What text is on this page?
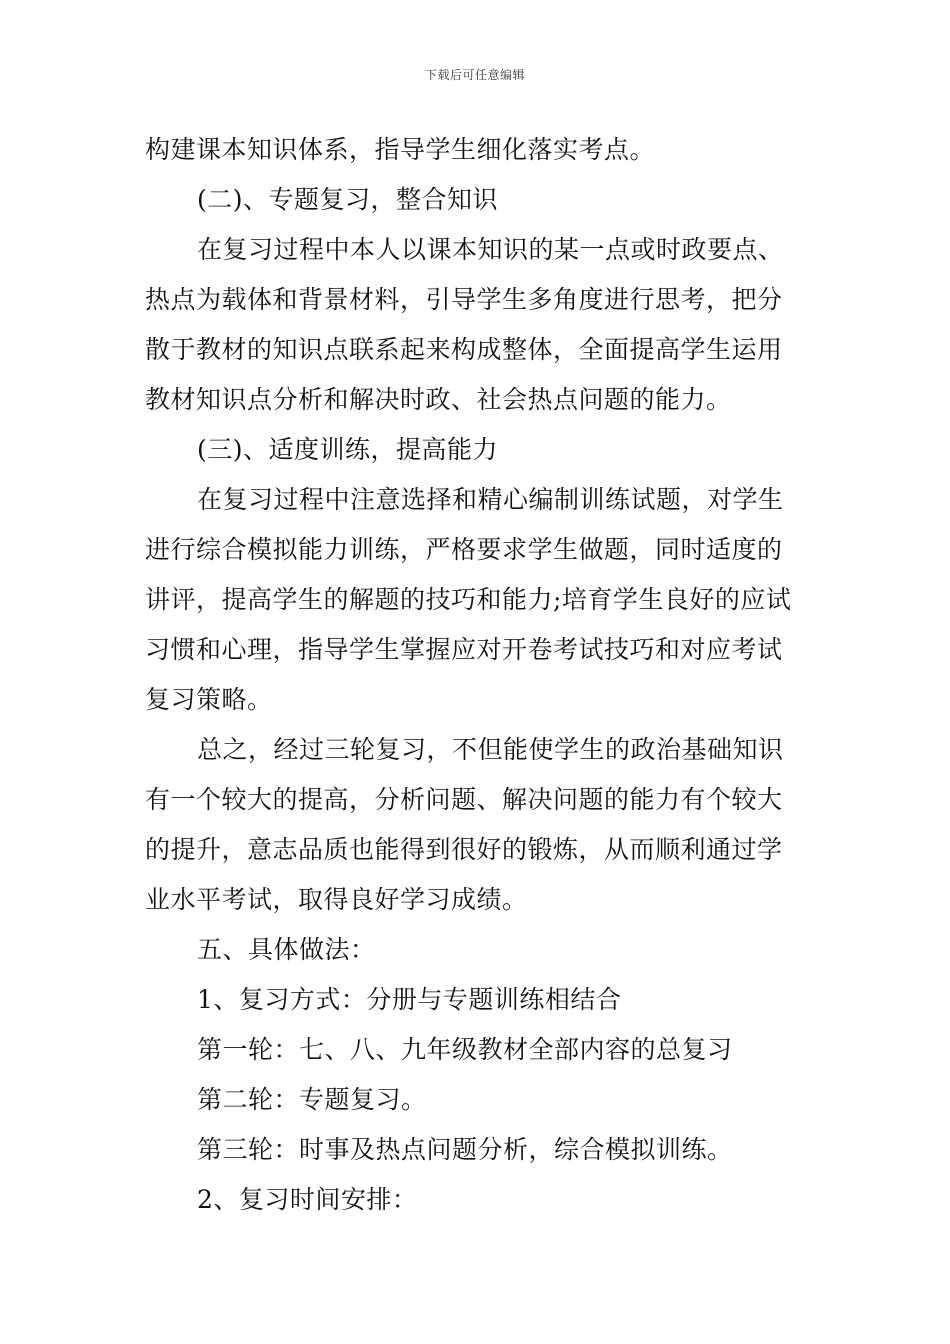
下载后可任意编辑
构建课本知识体系，指导学生细化落实考点。
(二)、专题复习，整合知识
在复习过程中本人以课本知识的某一点或时政要点、
热点为载体和背景材料，引导学生多角度进行思考，把分
散于教材的知识点联系起来构成整体，全面提高学生运用
教材知识点分析和解决时政、社会热点问题的能力。
(三)、适度训练，提高能力
在复习过程中注意选择和精心编制训练试题，对学生
进行综合模拟能力训练，严格要求学生做题，同时适度的
讲评，提高学生的解题的技巧和能力;培育学生良好的应试
习惯和心理，指导学生掌握应对开卷考试技巧和对应考试
复习策略。
总之，经过三轮复习，不但能使学生的政治基础知识
有一个较大的提高，分析问题、解决问题的能力有个较大
的提升，意志品质也能得到很好的锻炼，从而顺利通过学
业水平考试，取得良好学习成绩。
五、具体做法：
1、复习方式：分册与专题训练相结合
第一轮：七、八、九年级教材全部内容的总复习
第二轮：专题复习。
第三轮：时事及热点问题分析，综合模拟训练。
2、复习时间安排：
